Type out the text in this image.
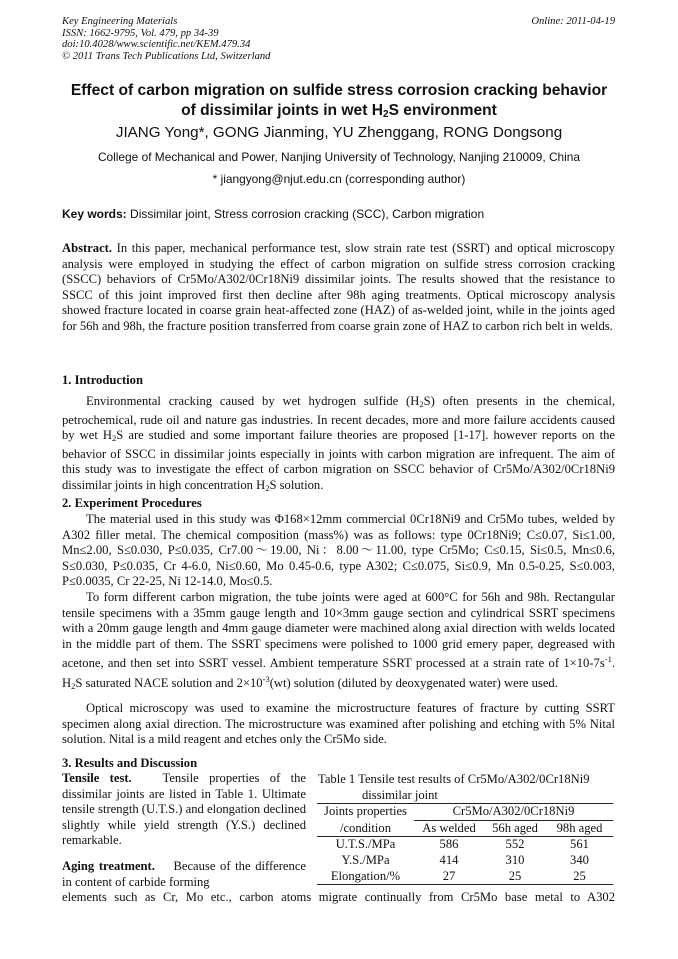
Key Engineering Materials
ISSN: 1662-9795, Vol. 479, pp 34-39
doi:10.4028/www.scientific.net/KEM.479.34
© 2011 Trans Tech Publications Ltd, Switzerland
Online: 2011-04-19
Effect of carbon migration on sulfide stress corrosion cracking behavior
of dissimilar joints in wet $H_2S$ environment
JIANG Yong*, GONG Jianming, YU Zhenggang, RONG Dongsong
College of Mechanical and Power, Nanjing University of Technology, Nanjing 210009, China
* jiangyong@njut.edu.cn (corresponding author)
Key words: Dissimilar joint, Stress corrosion cracking (SCC), Carbon migration
Abstract. In this paper, mechanical performance test, slow strain rate test (SSRT) and optical microscopy analysis were employed in studying the effect of carbon migration on sulfide stress corrosion cracking (SSCC) behaviors of Cr5Mo/A302/0Cr18Ni9 dissimilar joints. The results showed that the resistance to SSCC of this joint improved first then decline after 98h aging treatments. Optical microscopy analysis showed fracture located in coarse grain heat-affected zone (HAZ) of as-welded joint, while in the joints aged for 56h and 98h, the fracture position transferred from coarse grain zone of HAZ to carbon rich belt in welds.
1. Introduction
Environmental cracking caused by wet hydrogen sulfide $(H_2S)$ often presents in the chemical, petrochemical, rude oil and nature gas industries. In recent decades, more and more failure accidents caused by wet $H_2S$ are studied and some important failure theories are proposed [1-17]. however reports on the behavior of SSCC in dissimilar joints especially in joints with carbon migration are infrequent. The aim of this study was to investigate the effect of carbon migration on SSCC behavior of Cr5Mo/A302/0Cr18Ni9 dissimilar joints in high concentration $H_2S$ solution.
2. Experiment Procedures
The material used in this study was Φ168×12mm commercial 0Cr18Ni9 and Cr5Mo tubes, welded by A302 filler metal. The chemical composition (mass%) was as follows: type 0Cr18Ni9; C≤0.07, Si≤1.00, Mn≤2.00, S≤0.030, P≤0.035, Cr7.00～19.00, Ni：8.00～11.00, type Cr5Mo; C≤0.15, Si≤0.5, Mn≤0.6, S≤0.030, P≤0.035, Cr 4-6.0, Ni≤0.60, Mo 0.45-0.6, type A302; C≤0.075, Si≤0.9, Mn 0.5-0.25, S≤0.003, P≤0.0035, Cr 22-25, Ni 12-14.0, Mo≤0.5.
To form different carbon migration, the tube joints were aged at 600°C for 56h and 98h. Rectangular tensile specimens with a 35mm gauge length and 10×3mm gauge section and cylindrical SSRT specimens with a 20mm gauge length and 4mm gauge diameter were machined along axial direction with welds located in the middle part of them. The SSRT specimens were polished to 1000 grid emery paper, degreased with acetone, and then set into SSRT vessel. Ambient temperature SSRT processed at a strain rate of $1\times 10-7s^{-1}$. $H_2S$ saturated NACE solution and $2\times 10^{-3}(wt)$ solution (diluted by deoxygenated water) were used.
Optical microscopy was used to examine the microstructure features of fracture by cutting SSRT specimen along axial direction. The microstructure was examined after polishing and etching with 5% Nital solution. Nital is a mild reagent and etches only the Cr5Mo side.
3. Results and Discussion
Tensile test. Tensile properties of the dissimilar joints are listed in Table 1. Ultimate tensile strength (U.T.S.) and elongation declined slightly while yield strength (Y.S.) declined remarkable.
Aging treatment. Because of the difference in content of carbide forming
elements such as Cr, Mo etc., carbon atoms migrate continually from Cr5Mo base metal to A302
Table 1 Tensile test results of Cr5Mo/A302/0Cr18Ni9
dissimilar joint
Joints properties	Cr5Mo/A302/0Cr18Ni9		
/condition	As welded	56h aged	98h aged
U.T.S./MPa	586	552	561
Y.S./MPa	414	310	340
Elongation/%	27	25	25
